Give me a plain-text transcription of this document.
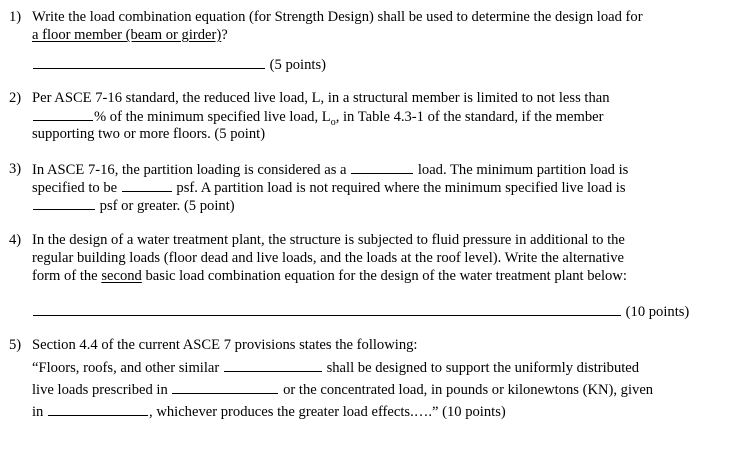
1) Write the load combination equation (for Strength Design) shall be used to determine the design load for
a floor member (beam or girder)?
(5 points)
2) Per ASCE 7-16 standard, the reduced live load, L, in a structural member is limited to not less than
% of the minimum specified live load, $L_o$, in Table 4.3-1 of the standard, if the member
supporting two or more floors. (5 point)
3) In ASCE 7-16, the partition loading is considered as a	load. The minimum partition load is
specified to be	psf. A partition load is not required where the minimum specified live load is
psf or greater. (5 point)
4) In the design of a water treatment plant, the structure is subjected to fluid pressure in additional to the
regular building loads (floor dead and live loads, and the loads at the roof level). Write the alternative
form of the second basic load combination equation for the design of the water treatment plant below:
(10 points)
5) Section 4.4 of the current ASCE 7 provisions states the following:
“Floors, roofs, and other similar	shall be designed to support the uniformly distributed
live loads prescribed in	or the concentrated load, in pounds or kilonewtons (KN), given
in	, whichever produces the greater load effects.….” (10 points)
